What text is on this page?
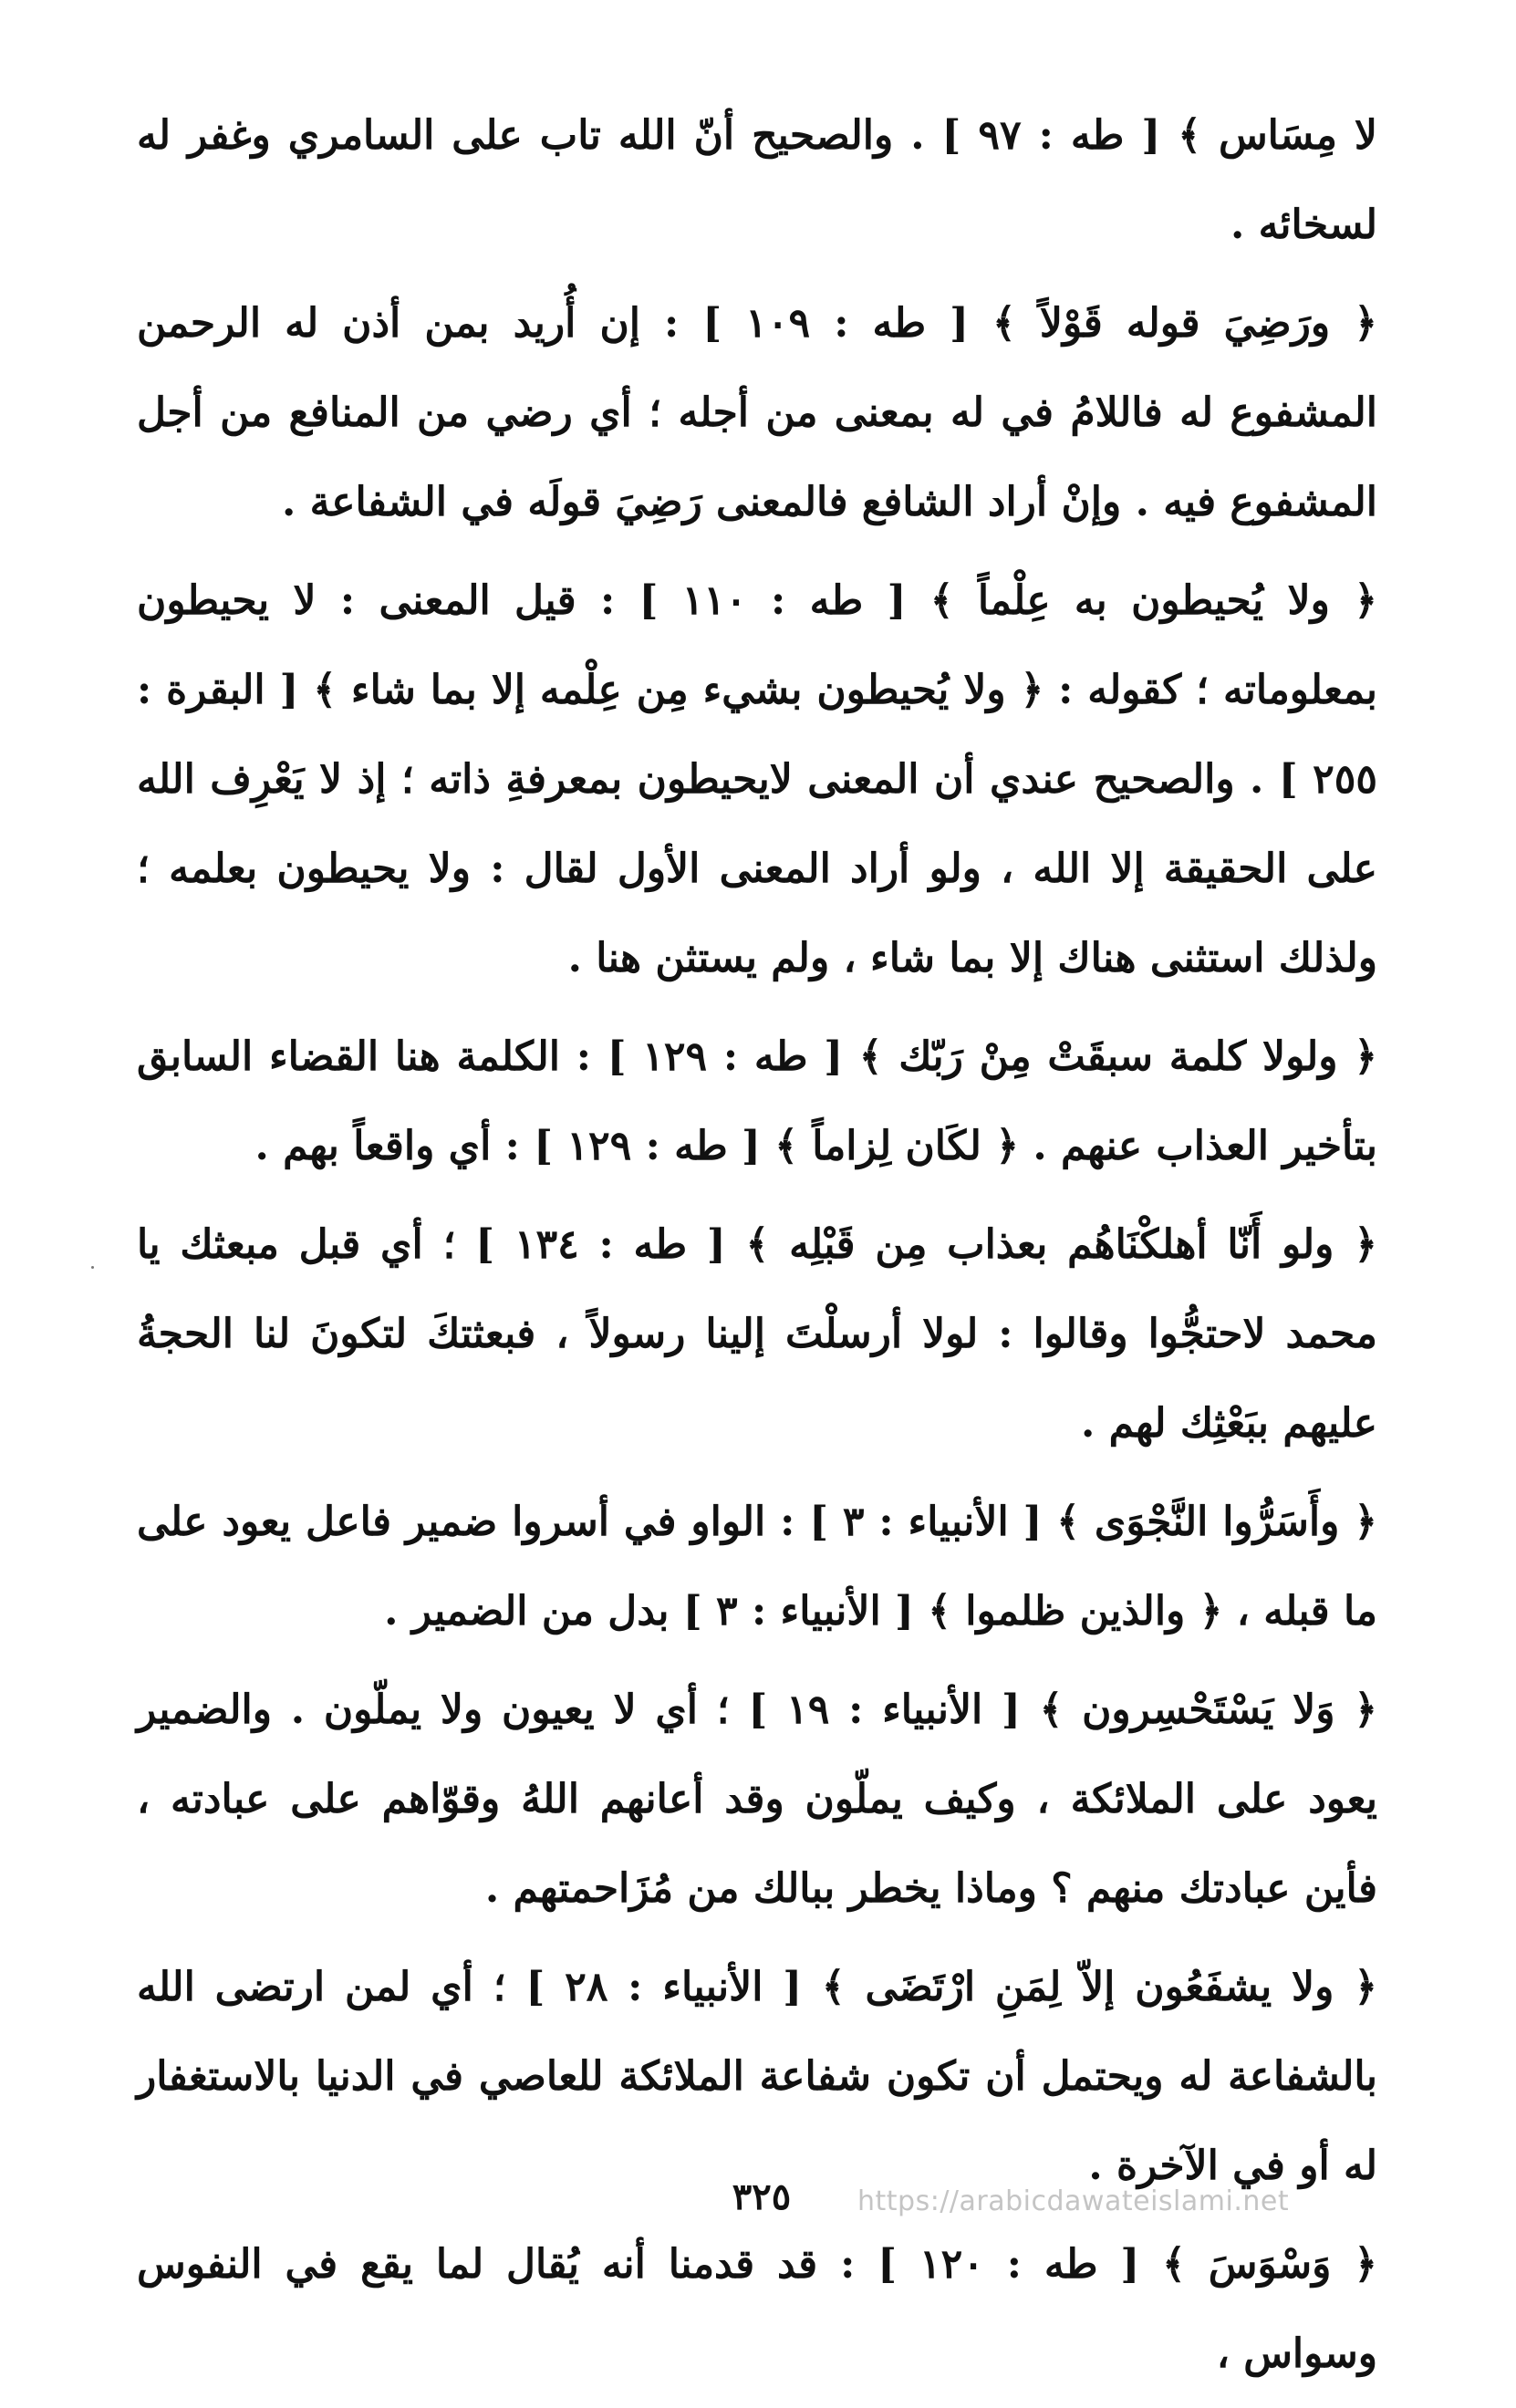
لا مِسَاس ﴾ [ طه : ٩٧ ] . والصحيح أنّ الله تاب على السامري وغفر له لسخائه .

﴿ ورَضِيَ قوله قَوْلاً ﴾ [ طه : ١٠٩ ] : إن أُريد بمن أذن له الرحمن المشفوع له فاللامُ في له بمعنى من أجله ؛ أي رضي من المنافع من أجل المشفوع فيه . وإنْ أراد الشافع فالمعنى رَضِيَ قولَه في الشفاعة .

﴿ ولا يُحيطون به عِلْماً ﴾ [ طه : ١١٠ ] : قيل المعنى : لا يحيطون بمعلوماته ؛ كقوله : ﴿ ولا يُحيطون بشيء مِن عِلْمه إلا بما شاء ﴾ [ البقرة : ٢٥٥ ] . والصحيح عندي أن المعنى لايحيطون بمعرفةِ ذاته ؛ إذ لا يَعْرِف الله على الحقيقة إلا الله ، ولو أراد المعنى الأول لقال : ولا يحيطون بعلمه ؛ ولذلك استثنى هناك إلا بما شاء ، ولم يستثن هنا .

﴿ ولولا كلمة سبقَتْ مِنْ رَبّك ﴾ [ طه : ١٢٩ ] : الكلمة هنا القضاء السابق بتأخير العذاب عنهم . ﴿ لكَان لِزاماً ﴾ [ طه : ١٢٩ ] : أي واقعاً بهم .

﴿ ولو أَنّا أهلكْنَاهُم بعذاب مِن قَبْلِه ﴾ [ طه : ١٣٤ ] ؛ أي قبل مبعثك يا محمد لاحتجُّوا وقالوا : لولا أرسلْتَ إلينا رسولاً ، فبعثتكَ لتكونَ لنا الحجةُ عليهم ببَعْثِك لهم .

﴿ وأَسَرُّوا النَّجْوَى ﴾ [ الأنبياء : ٣ ] : الواو في أسروا ضمير فاعل يعود على ما قبله ، ﴿ والذين ظلموا ﴾ [ الأنبياء : ٣ ] بدل من الضمير .

﴿ وَلا يَسْتَحْسِرون ﴾ [ الأنبياء : ١٩ ] ؛ أي لا يعيون ولا يملّون . والضمير يعود على الملائكة ، وكيف يملّون وقد أعانهم اللهُ وقوّاهم على عبادته ، فأين عبادتك منهم ؟ وماذا يخطر ببالك من مُزَاحمتهم .

﴿ ولا يشفَعُون إلاّ لِمَنِ ارْتَضَى ﴾ [ الأنبياء : ٢٨ ] ؛ أي لمن ارتضى الله بالشفاعة له ويحتمل أن تكون شفاعة الملائكة للعاصي في الدنيا بالاستغفار له أو في الآخرة .

﴿ وَسْوَسَ ﴾ [ طه : ١٢٠ ] : قد قدمنا أنه يُقال لما يقع في النفوس وسواس ،

٣٢٥	https://arabicdawateislami.net
